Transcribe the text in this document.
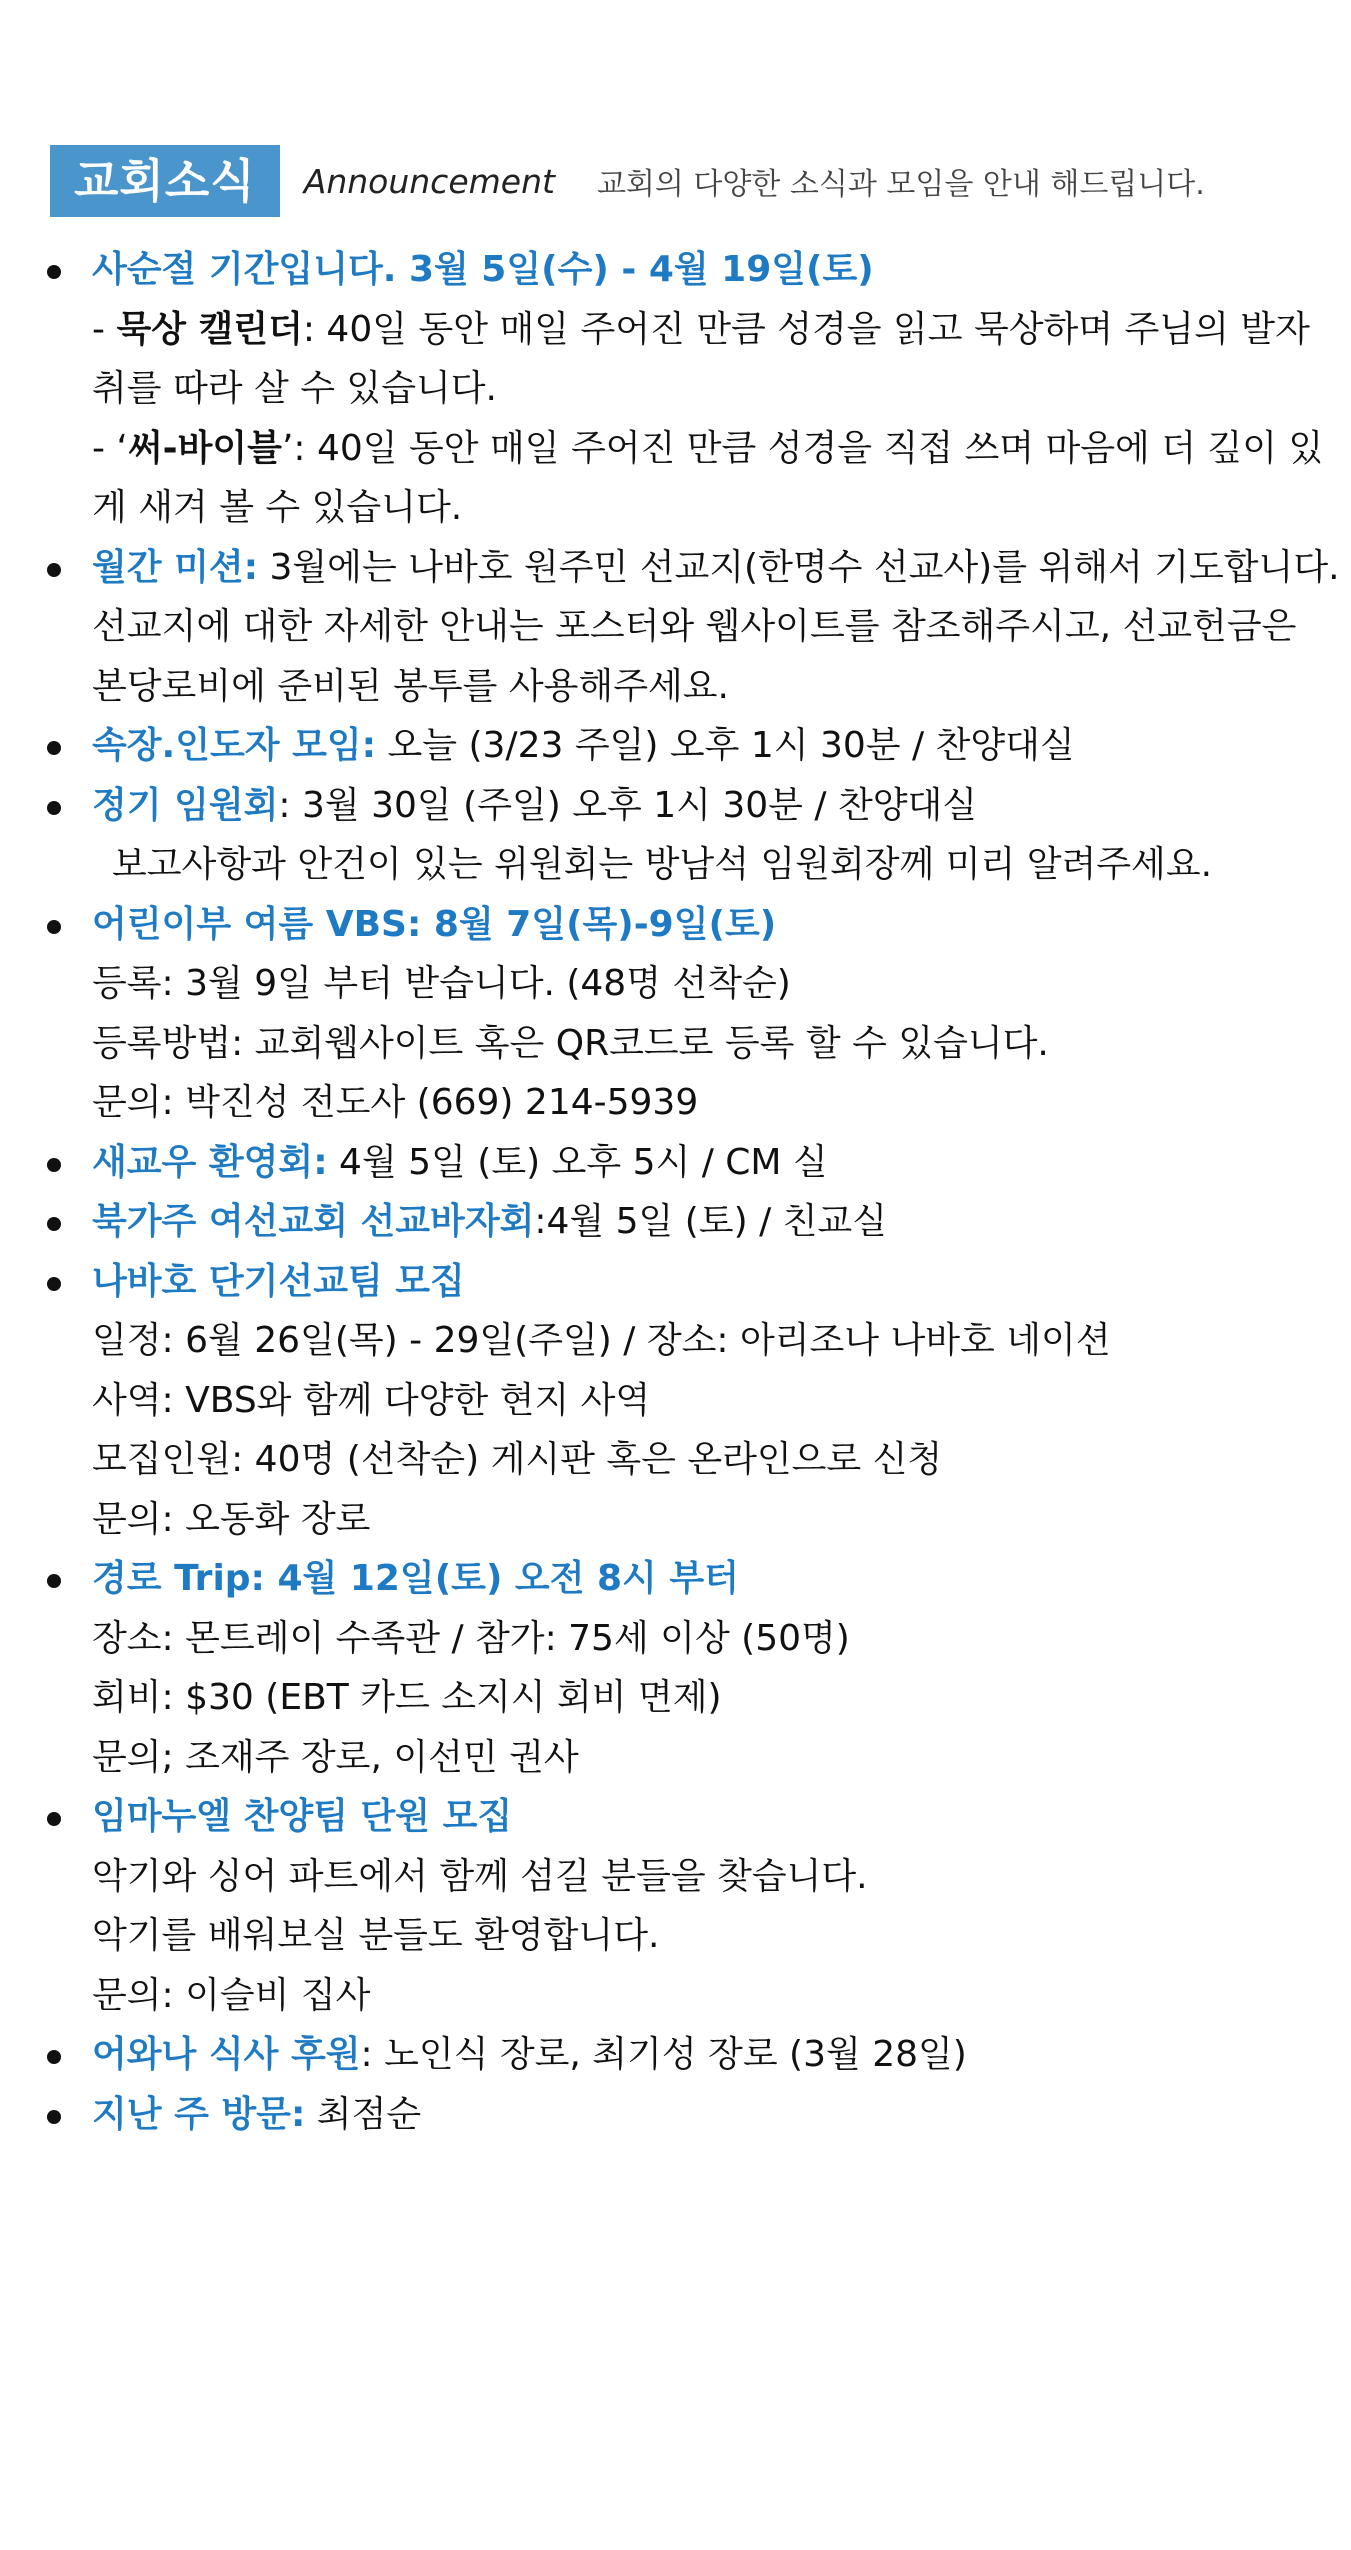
교회소식	Announcement 교회의 다양한 소식과 모임을 안내 해드립니다.
사순절 기간입니다. 3월 5일(수) - 4월 19일(토)
- 묵상 캘린더: 40일 동안 매일 주어진 만큼 성경을 읽고 묵상하며 주님의 발자
취를 따라 살 수 있습니다.
- ‘써-바이블’: 40일 동안 매일 주어진 만큼 성경을 직접 쓰며 마음에 더 깊이 있
게 새겨 볼 수 있습니다.
월간 미션: 3월에는 나바호 원주민 선교지(한명수 선교사)를 위해서 기도합니다.
선교지에 대한 자세한 안내는 포스터와 웹사이트를 참조해주시고, 선교헌금은
본당로비에 준비된 봉투를 사용해주세요.
속장.인도자 모임: 오늘 (3/23 주일) 오후 1시 30분 / 찬양대실
정기 임원회: 3월 30일 (주일) 오후 1시 30분 / 찬양대실
보고사항과 안건이 있는 위원회는 방남석 임원회장께 미리 알려주세요.
어린이부 여름 VBS: 8월 7일(목)-9일(토)
등록: 3월 9일 부터 받습니다. (48명 선착순)
등록방법: 교회웹사이트 혹은 QR코드로 등록 할 수 있습니다.
문의: 박진성 전도사 (669) 214-5939
새교우 환영회: 4월 5일 (토) 오후 5시 / CM 실
북가주 여선교회 선교바자회:4월 5일 (토) / 친교실
나바호 단기선교팀 모집
일정: 6월 26일(목) - 29일(주일) / 장소: 아리조나 나바호 네이션
사역: VBS와 함께 다양한 현지 사역
모집인원: 40명 (선착순) 게시판 혹은 온라인으로 신청
문의: 오동화 장로
경로 Trip: 4월 12일(토) 오전 8시 부터
장소: 몬트레이 수족관 / 참가: 75세 이상 (50명)
회비: $30 (EBT 카드 소지시 회비 면제)
문의; 조재주 장로, 이선민 권사
임마누엘 찬양팀 단원 모집
악기와 싱어 파트에서 함께 섬길 분들을 찾습니다.
악기를 배워보실 분들도 환영합니다.
문의: 이슬비 집사
어와나 식사 후원: 노인식 장로, 최기성 장로 (3월 28일)
지난 주 방문: 최점순
